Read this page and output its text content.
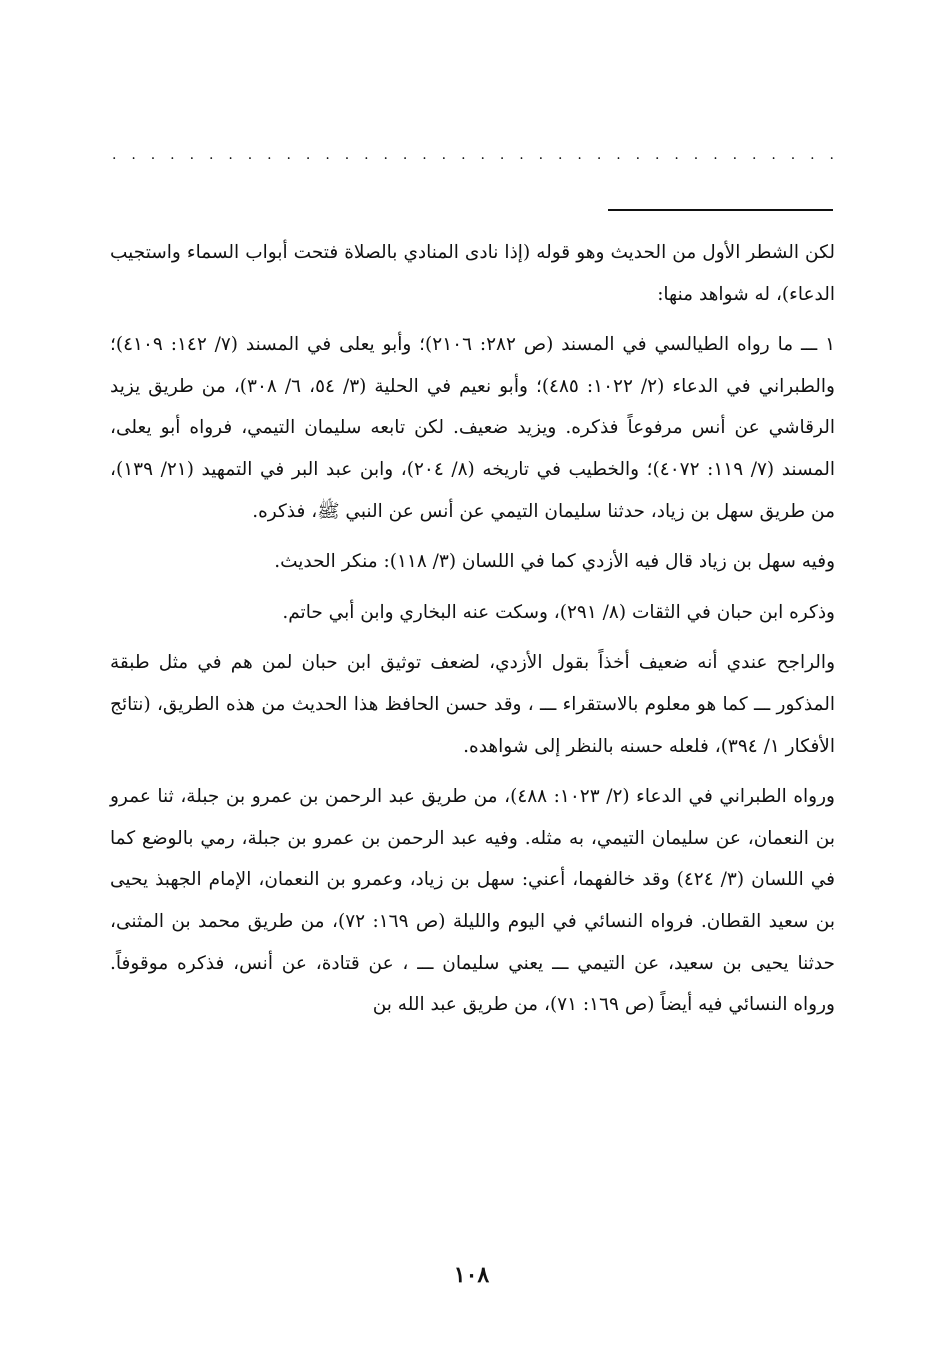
. . . . . . . . . . . . . . . . . . . . . . . . . . . . . . . . . . . . . .

لكن الشطر الأول من الحديث وهو قوله (إذا نادى المنادي بالصلاة فتحت أبواب السماء واستجيب الدعاء)، له شواهد منها:

١ ـــ ما رواه الطيالسي في المسند (ص ٢٨٢: ٢١٠٦)؛ وأبو يعلى في المسند (٧/ ١٤٢: ٤١٠٩)؛ والطبراني في الدعاء (٢/ ١٠٢٢: ٤٨٥)؛ وأبو نعيم في الحلية (٣/ ٥٤، ٦/ ٣٠٨)، من طريق يزيد الرقاشي عن أنس مرفوعاً فذكره. ويزيد ضعيف. لكن تابعه سليمان التيمي، فرواه أبو يعلى، المسند (٧/ ١١٩: ٤٠٧٢)؛ والخطيب في تاريخه (٨/ ٢٠٤)، وابن عبد البر في التمهيد (٢١/ ١٣٩)، من طريق سهل بن زياد، حدثنا سليمان التيمي عن أنس عن النبي ﷺ، فذكره.

وفيه سهل بن زياد قال فيه الأزدي كما في اللسان (٣/ ١١٨): منكر الحديث.

وذكره ابن حبان في الثقات (٨/ ٢٩١)، وسكت عنه البخاري وابن أبي حاتم.

والراجح عندي أنه ضعيف أخذاً بقول الأزدي، لضعف توثيق ابن حبان لمن هم في مثل طبقة المذكور ـــ كما هو معلوم بالاستقراء ـــ ، وقد حسن الحافظ هذا الحديث من هذه الطريق، (نتائج الأفكار ١/ ٣٩٤)، فلعله حسنه بالنظر إلى شواهده.

ورواه الطبراني في الدعاء (٢/ ١٠٢٣: ٤٨٨)، من طريق عبد الرحمن بن عمرو بن جبلة، ثنا عمرو بن النعمان، عن سليمان التيمي، به مثله. وفيه عبد الرحمن بن عمرو بن جبلة، رمي بالوضع كما في اللسان (٣/ ٤٢٤) وقد خالفهما، أعني: سهل بن زياد، وعمرو بن النعمان، الإمام الجهبذ يحيى بن سعيد القطان. فرواه النسائي في اليوم والليلة (ص ١٦٩: ٧٢)، من طريق محمد بن المثنى، حدثنا يحيى بن سعيد، عن التيمي ـــ يعني سليمان ـــ ، عن قتادة، عن أنس، فذكره موقوفاً. ورواه النسائي فيه أيضاً (ص ١٦٩: ٧١)، من طريق عبد الله بن

١٠٨
